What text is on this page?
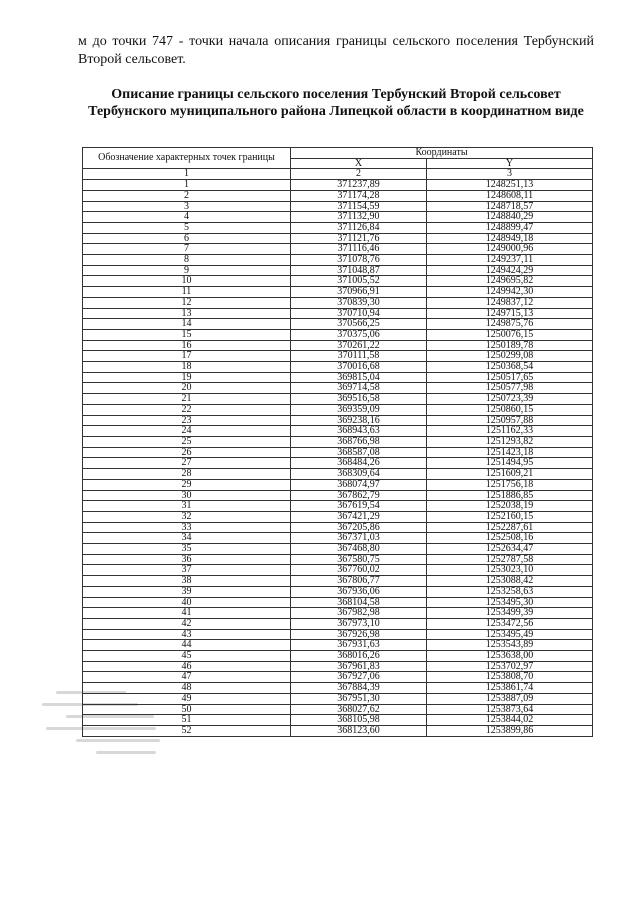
м до точки 747 - точки начала описания границы сельского поселения Тербунский Второй сельсовет.
Описание границы сельского поселения Тербунский Второй сельсовет Тербунского муниципального района Липецкой области в координатном виде
Обозначение характерных точек границы	Координаты	
	X	Y
1	2	3
1	371237,89	1248251,13
2	371174,28	1248608,11
3	371154,59	1248718,57
4	371132,90	1248840,29
5	371126,84	1248899,47
6	371121,76	1248949,18
7	371116,46	1249000,96
8	371078,76	1249237,11
9	371048,87	1249424,29
10	371005,52	1249695,82
11	370966,91	1249942,30
12	370839,30	1249837,12
13	370710,94	1249715,13
14	370566,25	1249875,76
15	370375,06	1250076,15
16	370261,22	1250189,78
17	370111,58	1250299,08
18	370016,68	1250368,54
19	369815,04	1250517,65
20	369714,58	1250577,98
21	369516,58	1250723,39
22	369359,09	1250860,15
23	369238,16	1250957,88
24	368943,63	1251162,33
25	368766,98	1251293,82
26	368587,08	1251423,18
27	368484,26	1251494,95
28	368309,64	1251609,21
29	368074,97	1251756,18
30	367862,79	1251886,85
31	367619,54	1252038,19
32	367421,29	1252160,15
33	367205,86	1252287,61
34	367371,03	1252508,16
35	367468,80	1252634,47
36	367580,75	1252787,58
37	367760,02	1253023,10
38	367806,77	1253088,42
39	367936,06	1253258,63
40	368104,58	1253495,30
41	367982,98	1253499,39
42	367973,10	1253472,56
43	367926,98	1253495,49
44	367931,63	1253543,89
45	368016,26	1253638,00
46	367961,83	1253702,97
47	367927,06	1253808,70
48	367884,39	1253861,74
49	367951,30	1253887,09
50	368027,62	1253873,64
51	368105,98	1253844,02
52	368123,60	1253899,86
